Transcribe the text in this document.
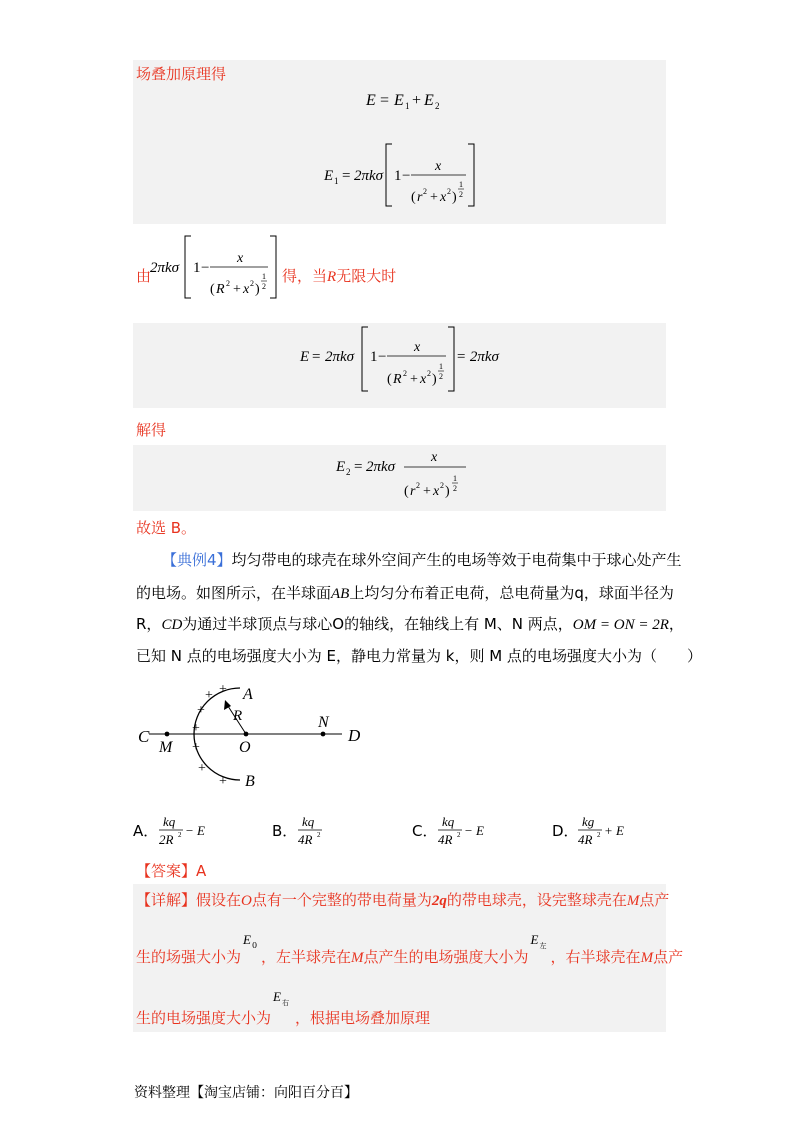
场叠加原理得
E = E 1 + E 2
E 1 = 2πkσ 1 −
x
( r 2 + x 2 )
1
2
由
2πkσ 1 −
x
( R 2 + x 2 )
1
2
得，当R无限大时
E = 2πkσ 1 −
x
( R 2 + x 2 )
1
2
= 2πkσ
解得
E 2 = 2πkσ
x
( r 2 + x 2 )
1
2
故选 B。
【典例4】均匀带电的球壳在球外空间产生的电场等效于电荷集中于球心处产生
的电场。如图所示，在半球面AB上均匀分布着正电荷，总电荷量为q，球面半径为
R，CD为通过半球顶点与球心O的轴线，在轴线上有 M、N 两点，OM = ON = 2R，
已知 N 点的电场强度大小为 E，静电力常量为 k，则 M 点的电场强度大小为（　　）
C
M	O
N
D
A
B
R
+ +
+
+
+
+
+
A．
kq
2R 2 − E	B．
kq
4R 2	C．
kq
4R 2 − E	D．
kg
4R 2 + E
【答案】A
【详解】假设在O点有一个完整的带电荷量为2q的带电球壳，设完整球壳在M点产
生的场强大小为
E 0
，左半球壳在M点产生的电场强度大小为
E 左
，右半球壳在M点产
生的电场强度大小为
E 右
，根据电场叠加原理
资料整理【淘宝店铺：向阳百分百】
